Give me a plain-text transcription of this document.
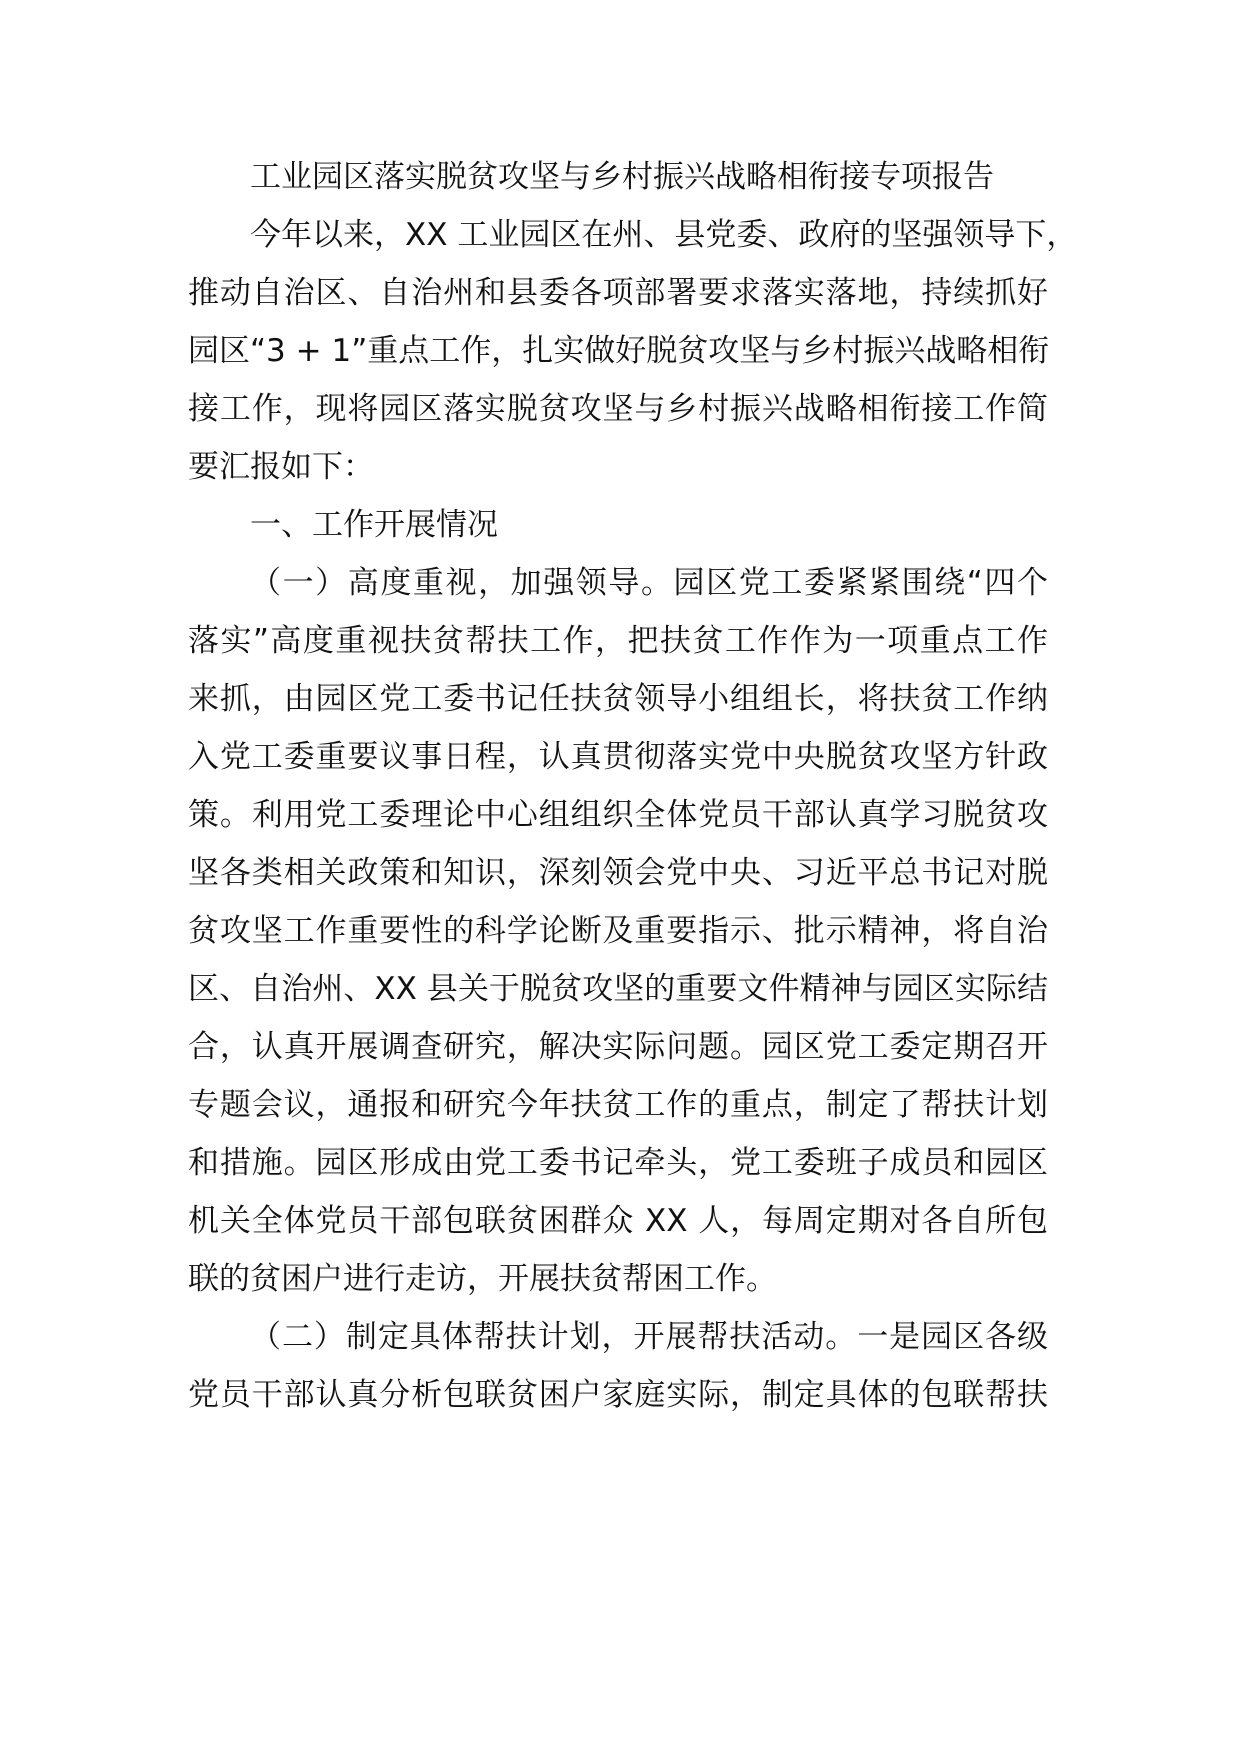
工业园区落实脱贫攻坚与乡村振兴战略相衔接专项报告
今年以来，XX 工业园区在州、县党委、政府的坚强领导下，
推动自治区、自治州和县委各项部署要求落实落地，持续抓好
园区“3 + 1”重点工作，扎实做好脱贫攻坚与乡村振兴战略相衔
接工作，现将园区落实脱贫攻坚与乡村振兴战略相衔接工作简
要汇报如下：
一、工作开展情况
（一）高度重视，加强领导。园区党工委紧紧围绕“四个
落实”高度重视扶贫帮扶工作，把扶贫工作作为一项重点工作
来抓，由园区党工委书记任扶贫领导小组组长，将扶贫工作纳
入党工委重要议事日程，认真贯彻落实党中央脱贫攻坚方针政
策。利用党工委理论中心组组织全体党员干部认真学习脱贫攻
坚各类相关政策和知识，深刻领会党中央、习近平总书记对脱
贫攻坚工作重要性的科学论断及重要指示、批示精神，将自治
区、自治州、XX 县关于脱贫攻坚的重要文件精神与园区实际结
合，认真开展调查研究，解决实际问题。园区党工委定期召开
专题会议，通报和研究今年扶贫工作的重点，制定了帮扶计划
和措施。园区形成由党工委书记牵头，党工委班子成员和园区
机关全体党员干部包联贫困群众 XX 人，每周定期对各自所包
联的贫困户进行走访，开展扶贫帮困工作。
（二）制定具体帮扶计划，开展帮扶活动。一是园区各级
党员干部认真分析包联贫困户家庭实际，制定具体的包联帮扶
